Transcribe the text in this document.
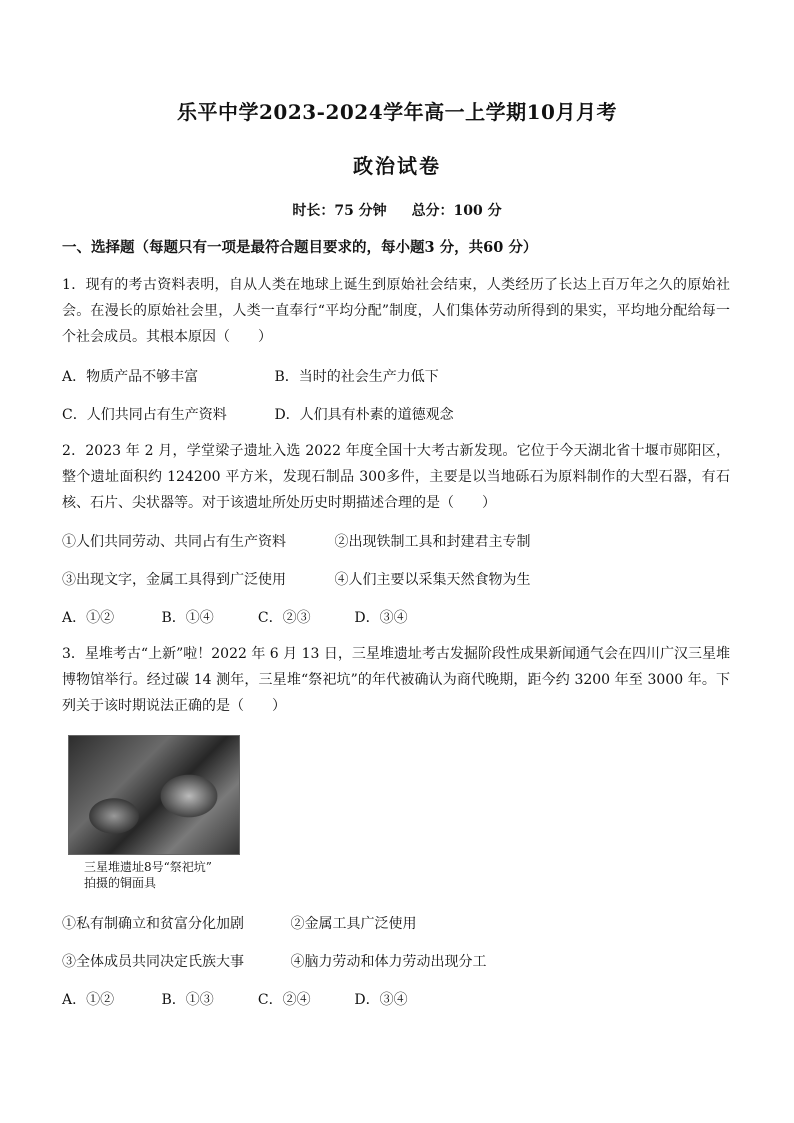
乐平中学2023-2024学年高一上学期10月月考
政治试卷
时长：75 分钟 总分：100 分
一、选择题（每题只有一项是最符合题目要求的，每小题3 分，共60 分）
1．现有的考古资料表明，自从人类在地球上诞生到原始社会结束，人类经历了长达上百万年之久的原始社会。在漫长的原始社会里，人类一直奉行“平均分配”制度，人们集体劳动所得到的果实，平均地分配给每一个社会成员。其根本原因（　　）
A．物质产品不够丰富	B．当时的社会生产力低下
C．人们共同占有生产资料	D．人们具有朴素的道德观念
2．2023 年 2 月，学堂梁子遗址入选 2022 年度全国十大考古新发现。它位于今天湖北省十堰市郧阳区，整个遗址面积约 124200 平方米，发现石制品 300多件，主要是以当地砾石为原料制作的大型石器，有石核、石片、尖状器等。对于该遗址所处历史时期描述合理的是（　　）
①人们共同劳动、共同占有生产资料	②出现铁制工具和封建君主专制
③出现文字，金属工具得到广泛使用	④人们主要以采集天然食物为生
A．①②	B．①④	C．②③	D．③④
3．星堆考古“上新”啦！2022 年 6 月 13 日，三星堆遗址考古发掘阶段性成果新闻通气会在四川广汉三星堆博物馆举行。经过碳 14 测年，三星堆“祭祀坑”的年代被确认为商代晚期，距今约 3200 年至 3000 年。下列关于该时期说法正确的是（　　）
三星堆遗址8号“祭祀坑”
拍摄的铜面具
①私有制确立和贫富分化加剧	②金属工具广泛使用
③全体成员共同决定氏族大事	④脑力劳动和体力劳动出现分工
A．①②	B．①③	C．②④	D．③④
